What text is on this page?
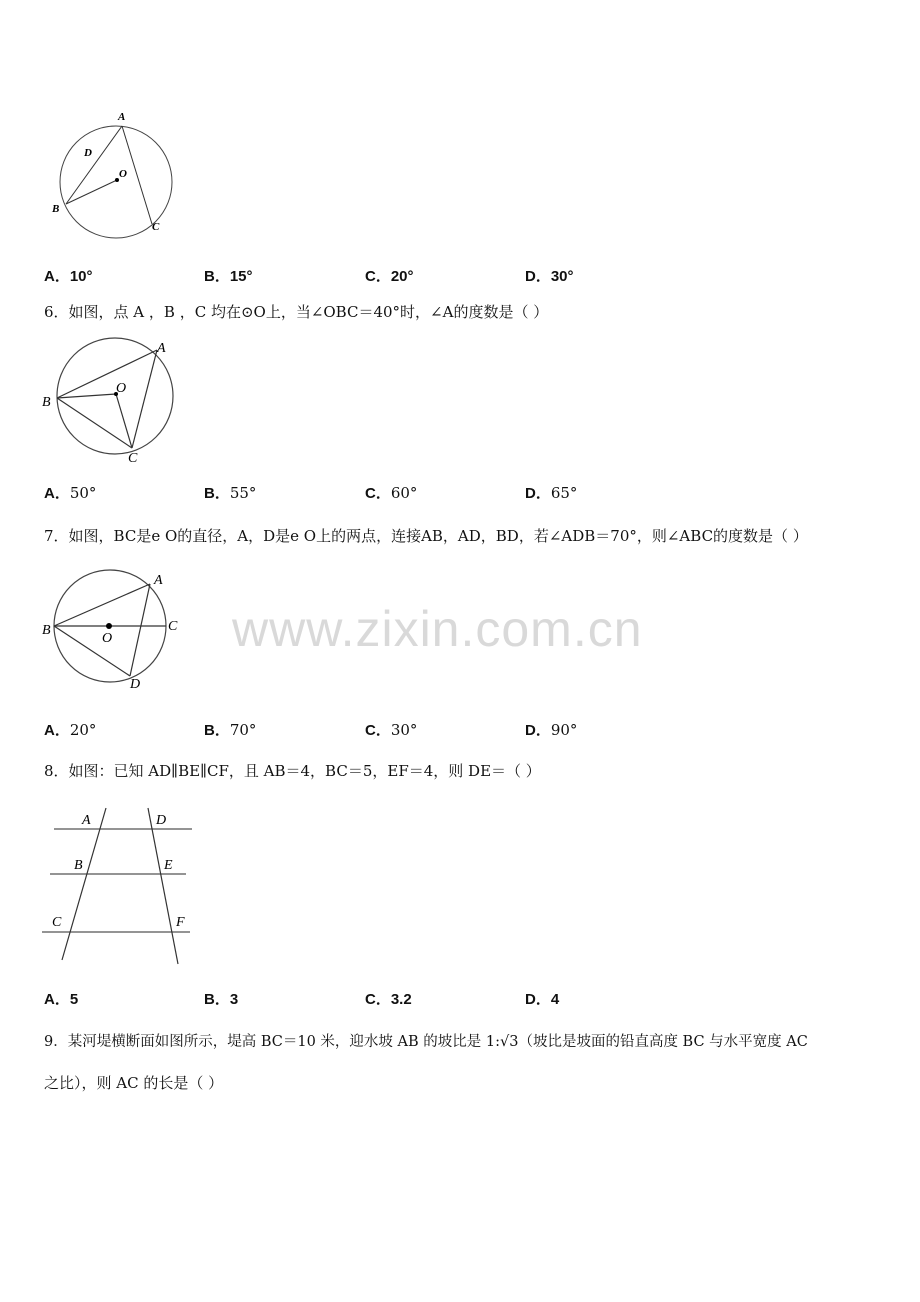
www.zixin.com.cn
A
D
O
B
C
A．10°	B．15°	C．20°	D．30°
6．如图，点 A ，B ，C 均在⊙O上，当∠OBC＝40°时，∠A的度数是（ ）
A
O
B
C
A．50°	B．55°	C．60°	D．65°
7．如图，BC是e O的直径，A，D是e O上的两点，连接AB，AD，BD，若∠ADB＝70°，则∠ABC的度数是（ ）
A
B
O
C
D
A．20°	B．70°	C．30°	D．90°
8．如图：已知 AD∥BE∥CF，且 AB＝4，BC＝5，EF＝4，则 DE＝（ ）
A	D
B	E
C	F
A．5	B．3	C．3.2	D．4
9．某河堤横断面如图所示，堤高 BC＝10 米，迎水坡 AB 的坡比是 1:√3（坡比是坡面的铅直高度 BC 与水平宽度 AC
之比），则 AC 的长是（ ）
